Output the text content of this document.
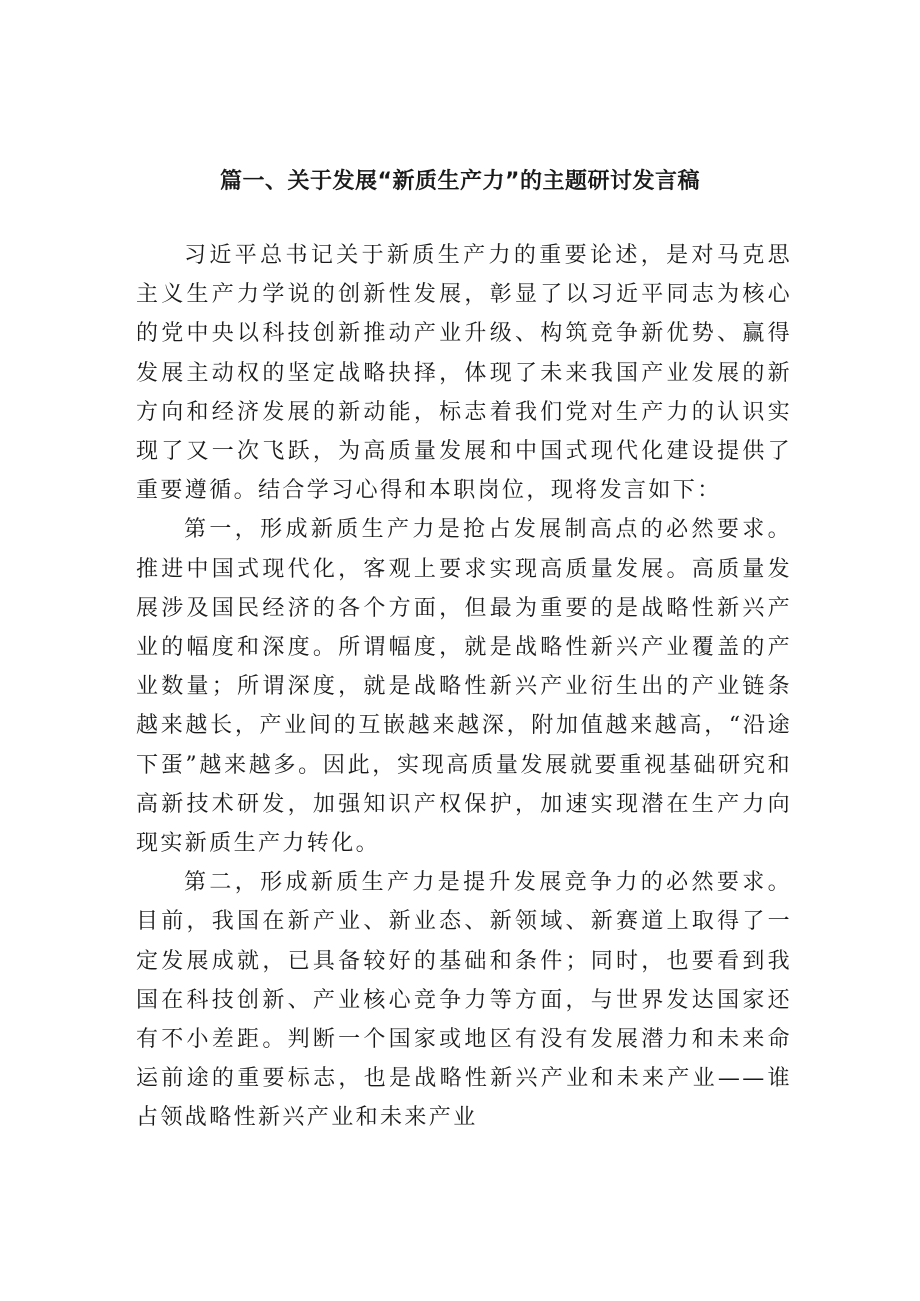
篇一、关于发展“新质生产力”的主题研讨发言稿

习近平总书记关于新质生产力的重要论述，是对马克思主义生产力学说的创新性发展，彰显了以习近平同志为核心的党中央以科技创新推动产业升级、构筑竞争新优势、赢得发展主动权的坚定战略抉择，体现了未来我国产业发展的新方向和经济发展的新动能，标志着我们党对生产力的认识实现了又一次飞跃，为高质量发展和中国式现代化建设提供了重要遵循。结合学习心得和本职岗位，现将发言如下：

第一，形成新质生产力是抢占发展制高点的必然要求。推进中国式现代化，客观上要求实现高质量发展。高质量发展涉及国民经济的各个方面，但最为重要的是战略性新兴产业的幅度和深度。所谓幅度，就是战略性新兴产业覆盖的产业数量；所谓深度，就是战略性新兴产业衍生出的产业链条越来越长，产业间的互嵌越来越深，附加值越来越高，“沿途下蛋”越来越多。因此，实现高质量发展就要重视基础研究和高新技术研发，加强知识产权保护，加速实现潜在生产力向现实新质生产力转化。

第二，形成新质生产力是提升发展竞争力的必然要求。目前，我国在新产业、新业态、新领域、新赛道上取得了一定发展成就，已具备较好的基础和条件；同时，也要看到我国在科技创新、产业核心竞争力等方面，与世界发达国家还有不小差距。判断一个国家或地区有没有发展潜力和未来命运前途的重要标志，也是战略性新兴产业和未来产业——谁占领战略性新兴产业和未来产业
